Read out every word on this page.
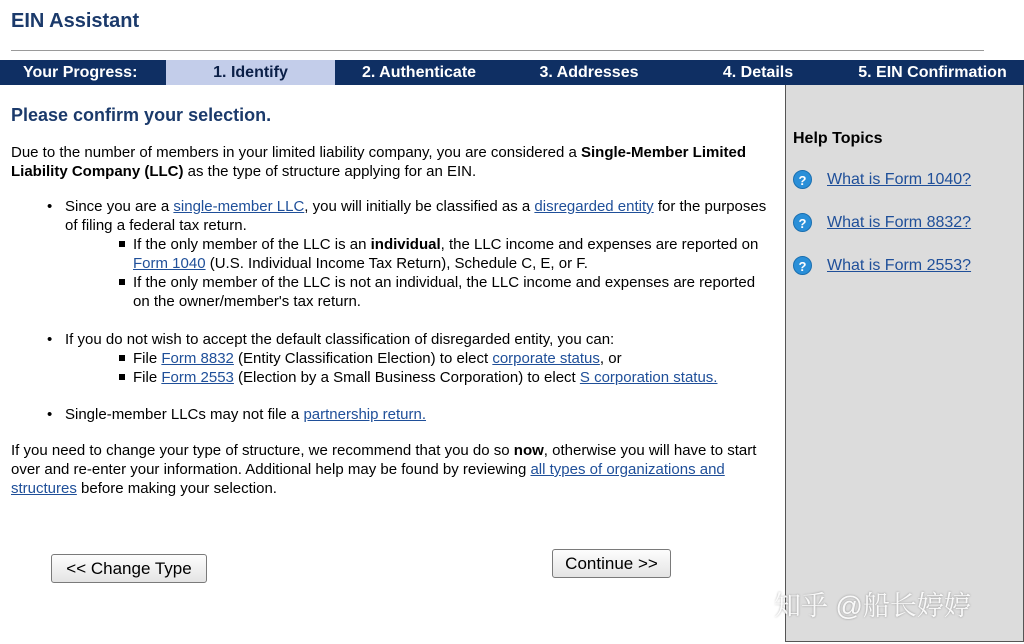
EIN Assistant
Your Progress:	1. Identify	2. Authenticate	3. Addresses	4. Details	5. EIN Confirmation
Please confirm your selection.
Due to the number of members in your limited liability company, you are considered a Single-Member Limited Liability Company (LLC) as the type of structure applying for an EIN.
• Since you are a single-member LLC, you will initially be classified as a disregarded entity for the purposes of filing a federal tax return.
If the only member of the LLC is an individual, the LLC income and expenses are reported on Form 1040 (U.S. Individual Income Tax Return), Schedule C, E, or F.
If the only member of the LLC is not an individual, the LLC income and expenses are reported on the owner/member's tax return.
• If you do not wish to accept the default classification of disregarded entity, you can:
File Form 8832 (Entity Classification Election) to elect corporate status, or
File Form 2553 (Election by a Small Business Corporation) to elect S corporation status.
• Single-member LLCs may not file a partnership return.
If you need to change your type of structure, we recommend that you do so now, otherwise you will have to start over and re-enter your information. Additional help may be found by reviewing all types of organizations and structures before making your selection.
<< Change Type	Continue >>
Help Topics
?	What is Form 1040?
?	What is Form 8832?
?	What is Form 2553?
知乎 @船长婷婷
